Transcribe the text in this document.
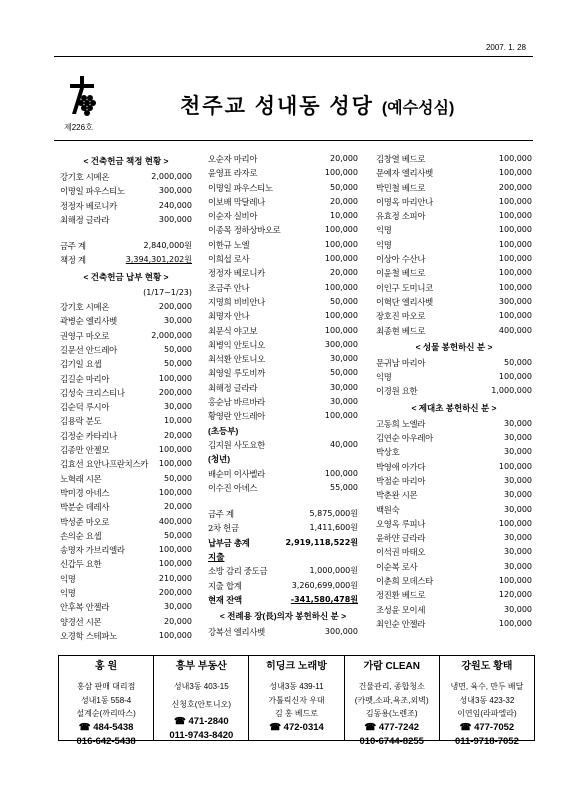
2007. 1. 28
제226호
천주교 성내동 성당 (예수성심)
< 건축헌금 책정 현황 >
강기호 시메온	2,000,000
이명일 파우스티노	300,000
정정자 베로니카	240,000
최해정 글라라	300,000
금주 계	2,840,000원
책정 계	3,394,301,202원
< 건축헌금 납부 현황 >
(1/17~1/23)
강기호 시메온	200,000
곽병순 엘리사벳	30,000
권영구 마오로	2,000,000
길문선 안드레아	50,000
김기일 요셉	50,000
김길순 마리아	100,000
김성숙 크리스티나	200,000
김순덕 루시아	30,000
김용락 분도	10,000
김정순 카타리나	20,000
김종만 안젤모	100,000
김효선 요안나프란치스카 100,000
노혁래 시몬	50,000
박미경 아네스	100,000
박분순 데레사	20,000
박성준 마오로	400,000
손의순 요셉	50,000
송명자 가브리엘라	100,000
신갑두 요한	100,000
익명	210,000
익명	200,000
안후복 안젤라	30,000
양경선 시몬	20,000
오경학 스테파노	100,000
오순자 마리아	20,000
윤영표 라자로	100,000
이명일 파우스티노	50,000
이보배 막달레나	20,000
이순자 실비아	10,000
이종목 정하상바오로	100,000
이한규 노엘	100,000
이희섭 로사	100,000
정정자 베로니카	20,000
조금주 안나	100,000
지명희 비비안나	50,000
최명자 안나	100,000
최문식 야고보	100,000
최병익 안토니오	300,000
최석환 안토니오	30,000
최영일 루도비까	50,000
최해정 글라라	30,000
홍순남 바르바라	30,000
황영란 안드레아	100,000
(초등부)
김지원 사도요한	40,000
(청년)
배순미 이사벨라	100,000
이수진 아녜스	55,000
금주 계	5,875,000원
2차 헌금	1,411,600원
납부금 총계	2,919,118,522원
지출
소방 감리 중도금	1,000,000원
지출 합계	3,260,699,000원
현재 잔액	-341,580,478원
< 전례용 장(長)의자 봉헌하신 분 >
강복선 엘리사벳	300,000
김창열 베드로	100,000
문예자 엘리사벳	100,000
박민철 베드로	200,000
이명옥 마리안나	100,000
유효정 소피아	100,000
익명	100,000
익명	100,000
이상아 수산나	100,000
이윤철 베드로	100,000
이인구 도미니코	100,000
이혁단 엘리사벳	300,000
장호진 마오로	100,000
최종현 베드로	400,000
< 성물 봉헌하신 분 >
문귀남 마리아	50,000
익명	100,000
이경원 요한	1,000,000
< 제대초 봉헌하신 분 >
고동희 노엘라	30,000
김연순 아우레아	30,000
박상호	30,000
박영애 아가다	100,000
박점순 마리아	30,000
박춘완 시몬	30,000
백원숙	30,000
오영옥 루피나	100,000
윤하얀 글라라	30,000
이석권 마태오	30,000
이순복 로사	30,000
이춘희 모데스타	100,000
정진환 베드로	120,000
조성윤 모이세	30,000
최인순 안젤라	100,000
홍 원
홍삼 판매 대리점
성내1동 558-4
설계순(까리따스)
☎ 484-5438
016-642-5438
흥부 부동산
성내3동 403-15
신청호(안토니오)
☎ 471-2840
011-9743-8420
히딩크 노래방
성내3동 439-11
가톨릭신자 우대
김 홍 베드로
☎ 472-0314
가람 CLEAN
건물관리, 종합청소
(카펫,소파,욕조,외벽)
김동용(노렌조)
☎ 477-7242
010-6744-8255
강원도 황태
냉면, 육수, 만두 배달
성내3동 423-32
이연임(라파엘라)
☎ 477-7052
011-9718-7052
